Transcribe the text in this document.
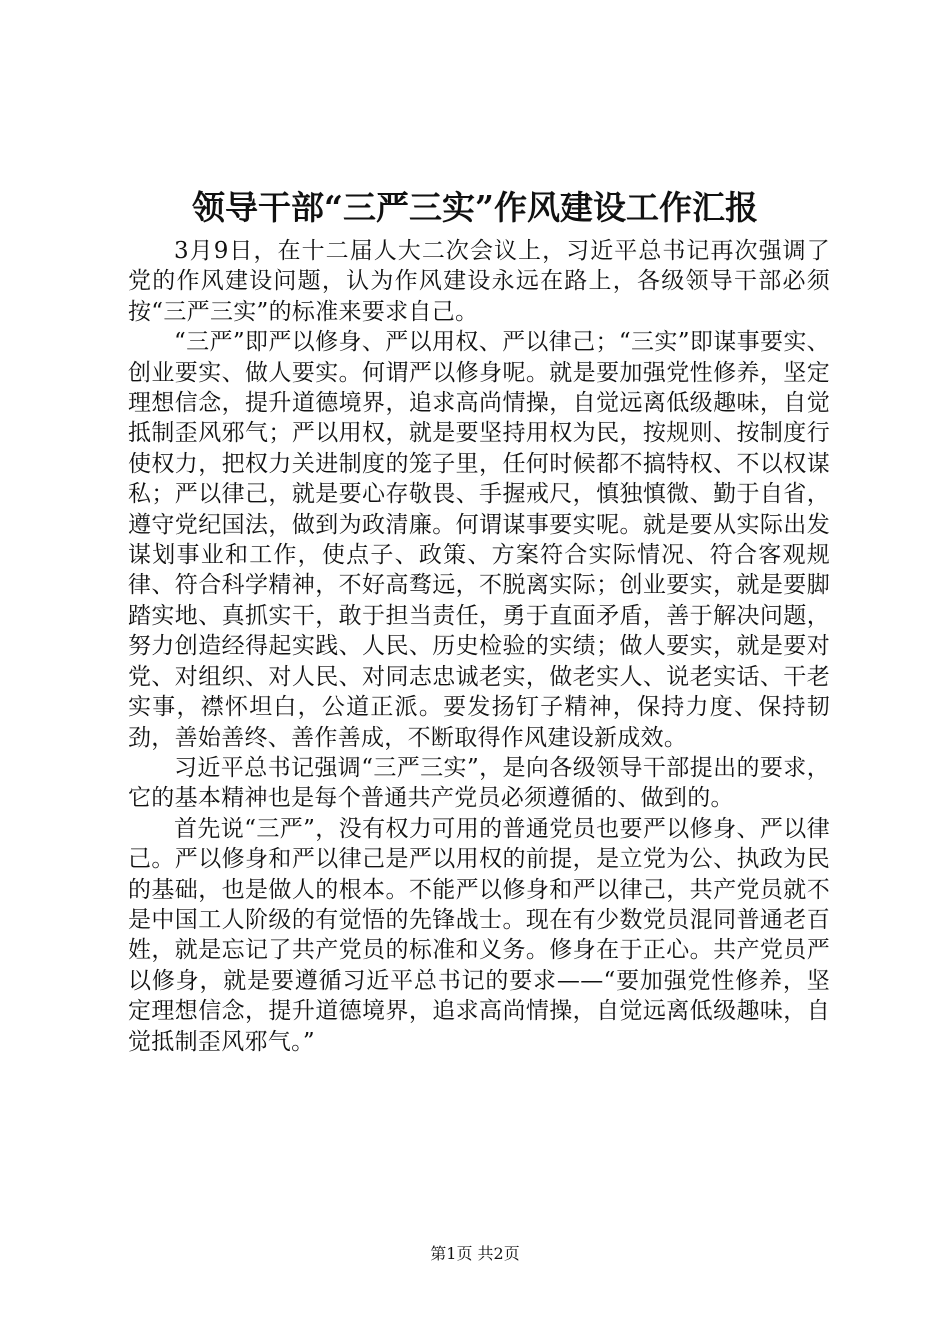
领导干部“三严三实”作风建设工作汇报

3月9日，在十二届人大二次会议上，习近平总书记再次强调了党的作风建设问题，认为作风建设永远在路上，各级领导干部必须按“三严三实”的标准来要求自己。

“三严”即严以修身、严以用权、严以律己；“三实”即谋事要实、创业要实、做人要实。何谓严以修身呢。就是要加强党性修养，坚定理想信念，提升道德境界，追求高尚情操，自觉远离低级趣味，自觉抵制歪风邪气；严以用权，就是要坚持用权为民，按规则、按制度行使权力，把权力关进制度的笼子里，任何时候都不搞特权、不以权谋私；严以律己，就是要心存敬畏、手握戒尺，慎独慎微、勤于自省，遵守党纪国法，做到为政清廉。何谓谋事要实呢。就是要从实际出发谋划事业和工作，使点子、政策、方案符合实际情况、符合客观规律、符合科学精神，不好高骛远，不脱离实际；创业要实，就是要脚踏实地、真抓实干，敢于担当责任，勇于直面矛盾，善于解决问题，努力创造经得起实践、人民、历史检验的实绩；做人要实，就是要对党、对组织、对人民、对同志忠诚老实，做老实人、说老实话、干老实事，襟怀坦白，公道正派。要发扬钉子精神，保持力度、保持韧劲，善始善终、善作善成，不断取得作风建设新成效。

习近平总书记强调“三严三实”，是向各级领导干部提出的要求，它的基本精神也是每个普通共产党员必须遵循的、做到的。

首先说“三严”，没有权力可用的普通党员也要严以修身、严以律己。严以修身和严以律己是严以用权的前提，是立党为公、执政为民的基础，也是做人的根本。不能严以修身和严以律己，共产党员就不是中国工人阶级的有觉悟的先锋战士。现在有少数党员混同普通老百姓，就是忘记了共产党员的标准和义务。修身在于正心。共产党员严以修身，就是要遵循习近平总书记的要求——“要加强党性修养，坚定理想信念，提升道德境界，追求高尚情操，自觉远离低级趣味，自觉抵制歪风邪气。”

第1页 共2页
